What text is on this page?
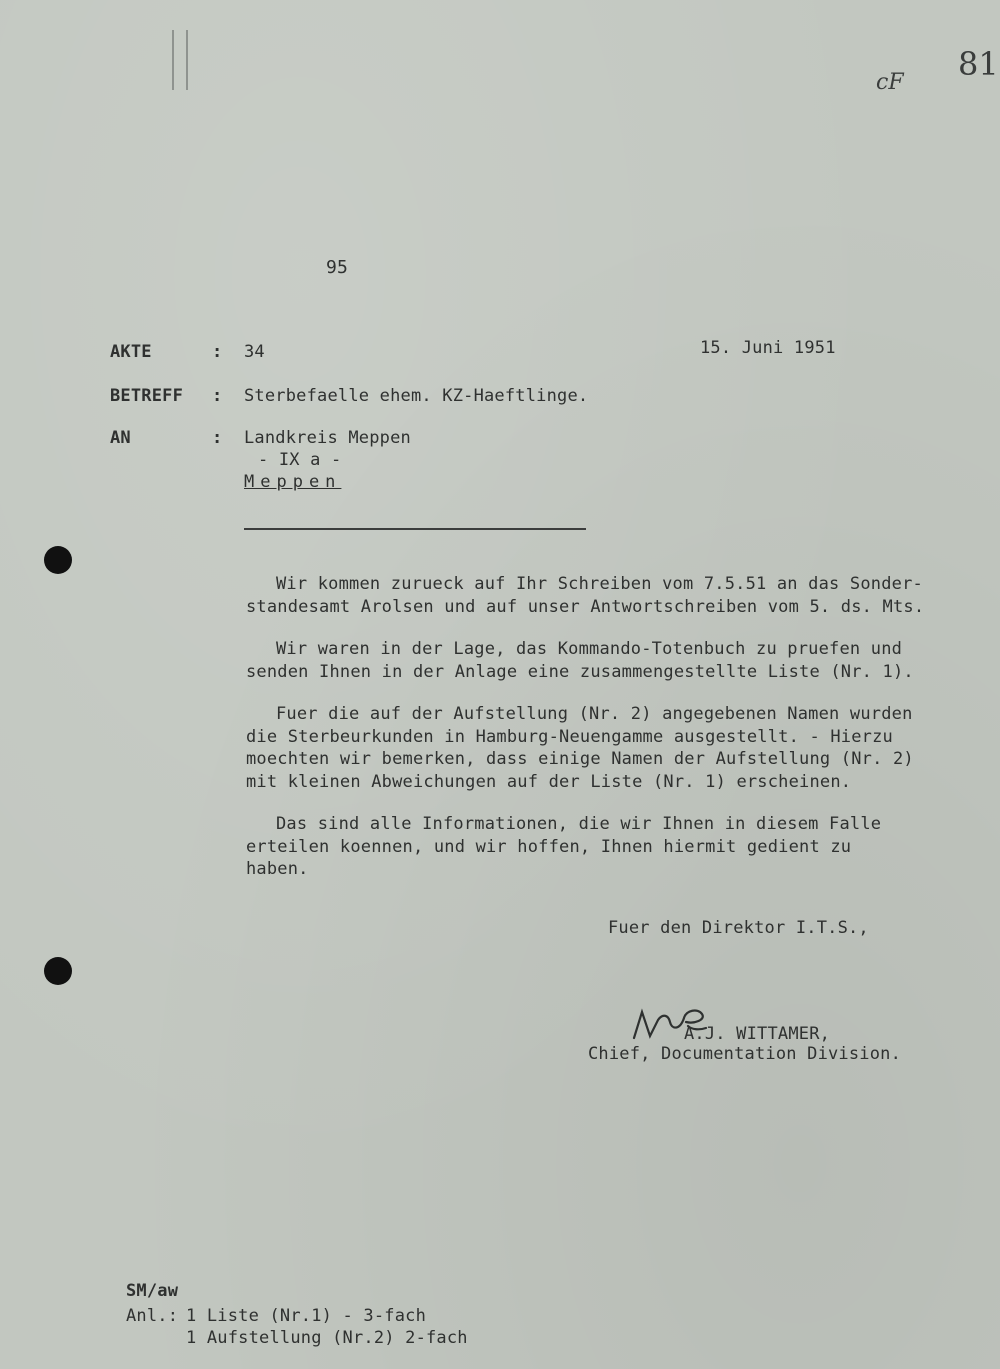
cF 81
95
AKTE	: 34	15. Juni 1951
BETREFF : Sterbefaelle ehem. KZ-Haeftlinge.
AN	: Landkreis Meppen
- IX a -
Meppen

Wir kommen zurueck auf Ihr Schreiben vom 7.5.51 an das Sonder-
standesamt Arolsen und auf unser Antwortschreiben vom 5. ds. Mts.

Wir waren in der Lage, das Kommando-Totenbuch zu pruefen und
senden Ihnen in der Anlage eine zusammengestellte Liste (Nr. 1).

Fuer die auf der Aufstellung (Nr. 2) angegebenen Namen wurden
die Sterbeurkunden in Hamburg-Neuengamme ausgestellt. - Hierzu
moechten wir bemerken, dass einige Namen der Aufstellung (Nr. 2)
mit kleinen Abweichungen auf der Liste (Nr. 1) erscheinen.

Das sind alle Informationen, die wir Ihnen in diesem Falle
erteilen koennen, und wir hoffen, Ihnen hiermit gedient zu
haben.

Fuer den Direktor I.T.S.,
A.J. WITTAMER,
Chief, Documentation Division.
SM/aw
Anl.: 1 Liste (Nr.1) - 3-fach
1 Aufstellung (Nr.2) 2-fach
